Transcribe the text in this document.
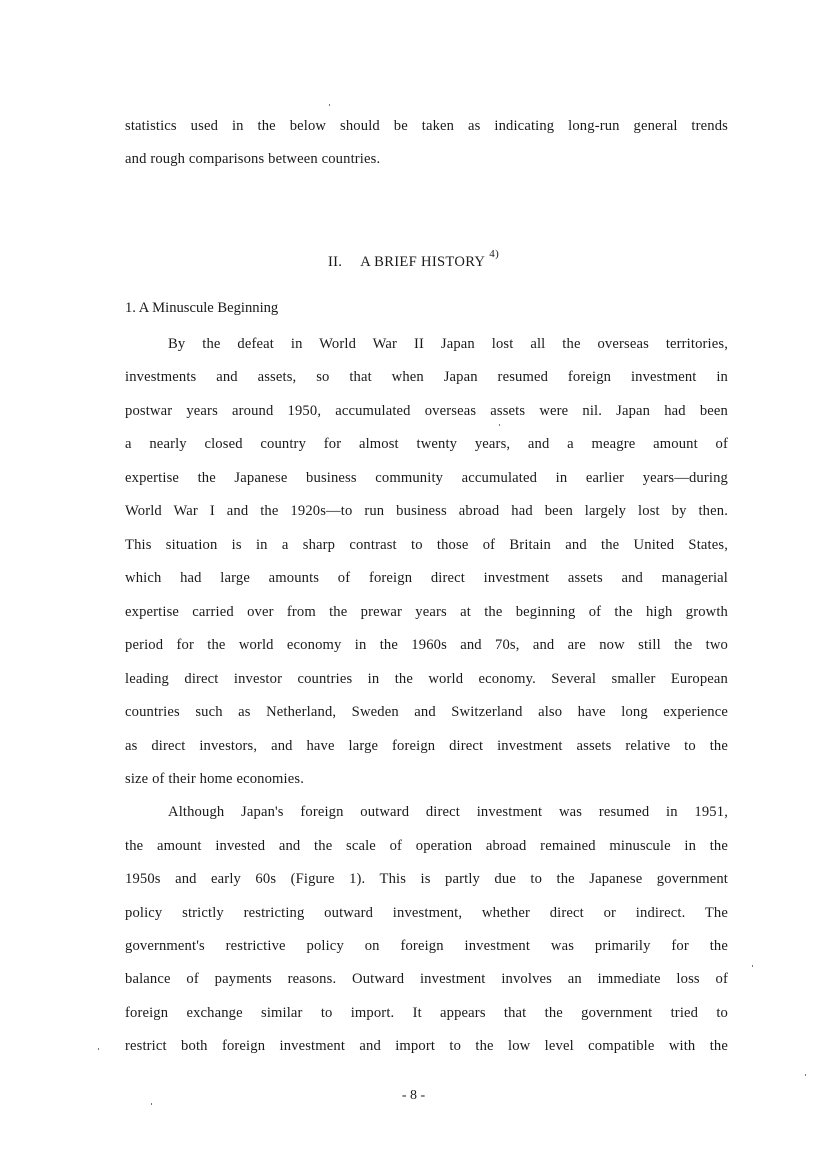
statistics used in the below should be taken as indicating long-run general trends
and rough comparisons between countries.
II. A BRIEF HISTORY $^{4)}$
1. A Minuscule Beginning
By the defeat in World War II Japan lost all the overseas territories,
investments and assets, so that when Japan resumed foreign investment in
postwar years around 1950, accumulated overseas assets were nil. Japan had been
a nearly closed country for almost twenty years, and a meagre amount of
expertise the Japanese business community accumulated in earlier years—during
World War I and the 1920s—to run business abroad had been largely lost by then.
This situation is in a sharp contrast to those of Britain and the United States,
which had large amounts of foreign direct investment assets and managerial
expertise carried over from the prewar years at the beginning of the high growth
period for the world economy in the 1960s and 70s, and are now still the two
leading direct investor countries in the world economy. Several smaller European
countries such as Netherland, Sweden and Switzerland also have long experience
as direct investors, and have large foreign direct investment assets relative to the
size of their home economies.
Although Japan's foreign outward direct investment was resumed in 1951,
the amount invested and the scale of operation abroad remained minuscule in the
1950s and early 60s (Figure 1). This is partly due to the Japanese government
policy strictly restricting outward investment, whether direct or indirect. The
government's restrictive policy on foreign investment was primarily for the
balance of payments reasons. Outward investment involves an immediate loss of
foreign exchange similar to import. It appears that the government tried to
restrict both foreign investment and import to the low level compatible with the
- 8 -
